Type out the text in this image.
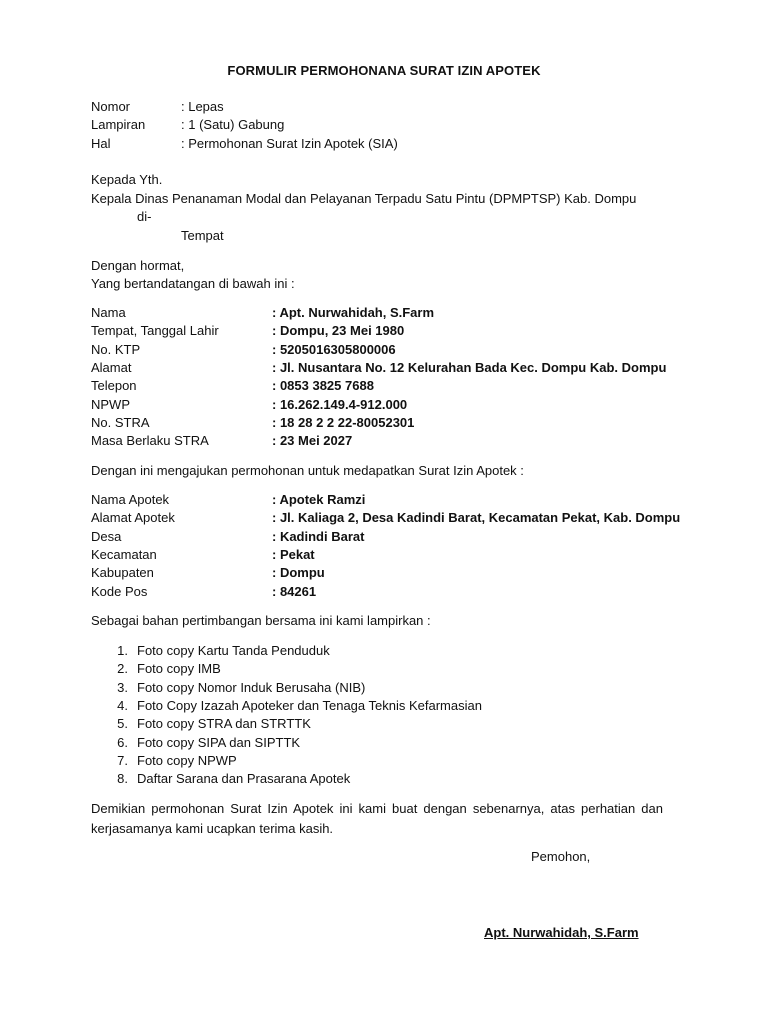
FORMULIR PERMOHONANA SURAT IZIN APOTEK
Nomor	: Lepas
Lampiran	: 1 (Satu) Gabung
Hal	: Permohonan Surat Izin Apotek (SIA)
Kepada Yth.
Kepala Dinas Penanaman Modal dan Pelayanan Terpadu Satu Pintu (DPMPTSP) Kab. Dompu
di-
Tempat
Dengan hormat,
Yang bertandatangan di bawah ini :
Nama	: Apt. Nurwahidah, S.Farm
Tempat, Tanggal Lahir	: Dompu, 23 Mei 1980
No. KTP	: 5205016305800006
Alamat	: Jl. Nusantara No. 12 Kelurahan Bada Kec. Dompu Kab. Dompu
Telepon	: 0853 3825 7688
NPWP	: 16.262.149.4-912.000
No. STRA	: 18 28 2 2 22-80052301
Masa Berlaku STRA	: 23 Mei 2027
Dengan ini mengajukan permohonan untuk medapatkan Surat Izin Apotek :
Nama Apotek	: Apotek Ramzi
Alamat Apotek	: Jl. Kaliaga 2, Desa Kadindi Barat, Kecamatan Pekat, Kab. Dompu
Desa	: Kadindi Barat
Kecamatan	: Pekat
Kabupaten	: Dompu
Kode Pos	: 84261
Sebagai bahan pertimbangan bersama ini kami lampirkan :
1. Foto copy Kartu Tanda Penduduk
2. Foto copy IMB
3. Foto copy Nomor Induk Berusaha (NIB)
4. Foto Copy Izazah Apoteker dan Tenaga Teknis Kefarmasian
5. Foto copy STRA dan STRTTK
6. Foto copy SIPA dan SIPTTK
7. Foto copy NPWP
8. Daftar Sarana dan Prasarana Apotek
Demikian permohonan Surat Izin Apotek ini kami buat dengan sebenarnya, atas perhatian dan kerjasamanya kami ucapkan terima kasih.
Pemohon,
Apt. Nurwahidah, S.Farm
